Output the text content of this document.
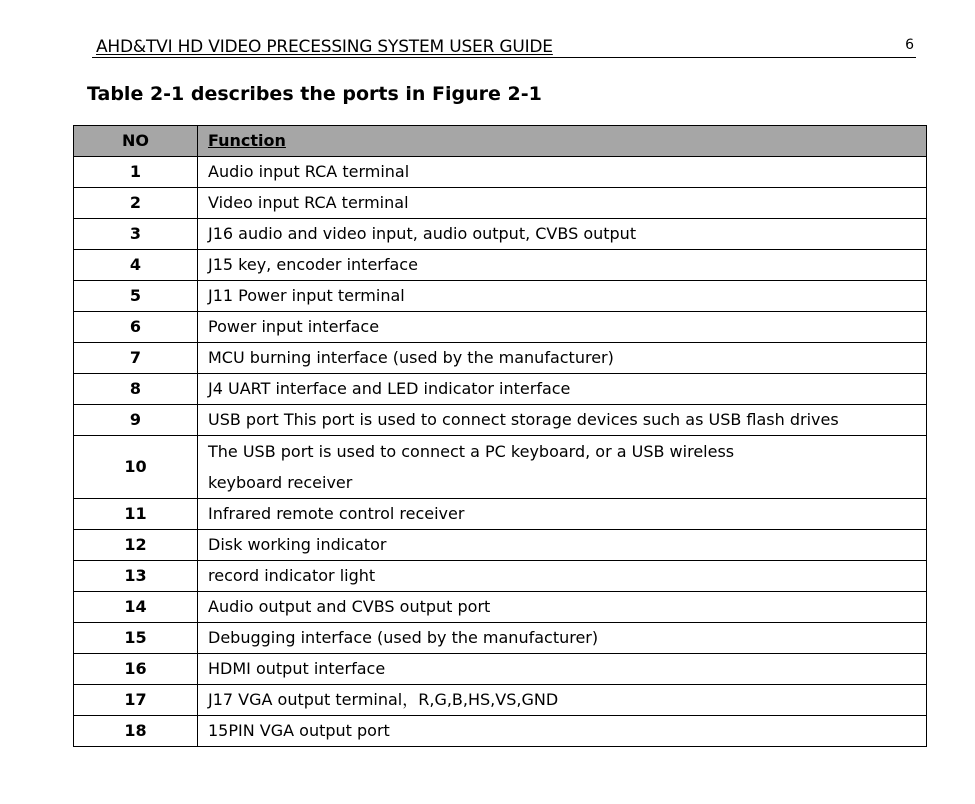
AHD&TVI HD VIDEO PRECESSING SYSTEM USER GUIDE	6
Table 2-1 describes the ports in Figure 2-1
NO	Function
1	Audio input RCA terminal
2	Video input RCA terminal
3	J16 audio and video input, audio output, CVBS output
4	J15 key, encoder interface
5	J11 Power input terminal
6	Power input interface
7	MCU burning interface (used by the manufacturer)
8	J4 UART interface and LED indicator interface
9	USB port This port is used to connect storage devices such as USB flash drives
10	The USB port is used to connect a PC keyboard, or a USB wireless
keyboard receiver
11	Infrared remote control receiver
12	Disk working indicator
13	record indicator light
14	Audio output and CVBS output port
15	Debugging interface (used by the manufacturer)
16	HDMI output interface
17	J17 VGA output terminal，R,G,B,HS,VS,GND
18	15PIN VGA output port
